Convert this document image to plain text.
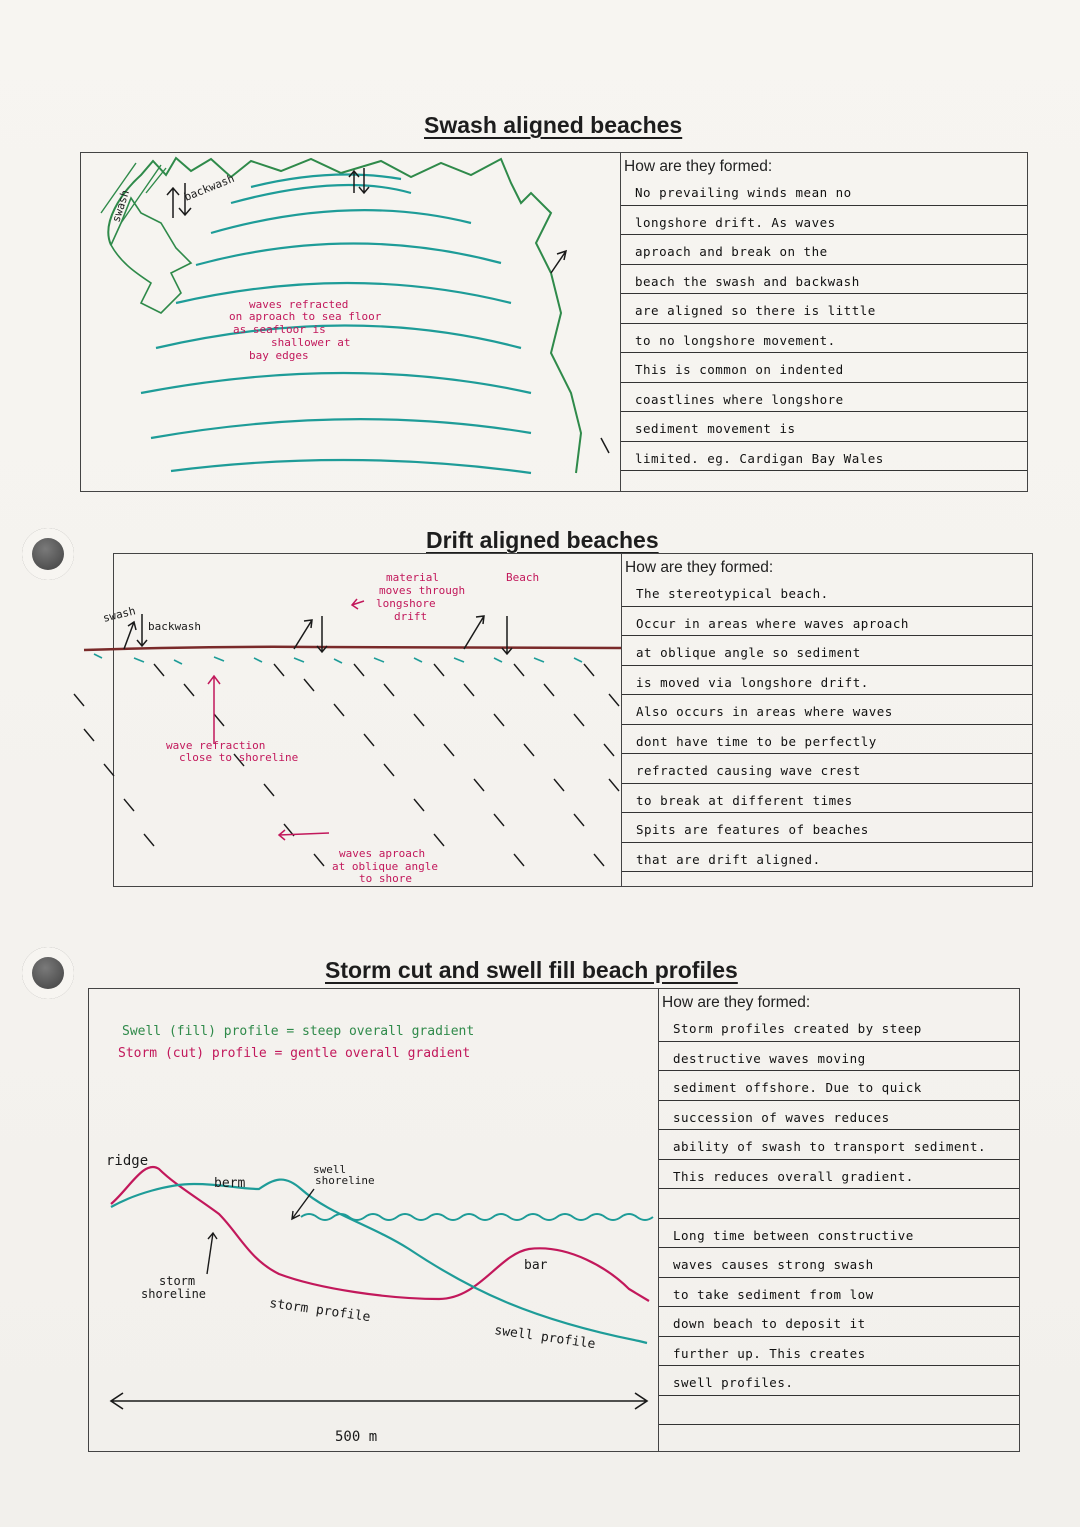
Swash aligned beaches
swash
backwash
waves refracted
on aproach to sea floor
as seafloor is
shallower at
bay edges
How are they formed:
No prevailing winds mean no
longshore drift. As waves
aproach and break on the
beach the swash and backwash
are aligned so there is little
to no longshore movement.
This is common on indented
coastlines where longshore
sediment movement is
limited. eg. Cardigan Bay Wales
Drift aligned beaches
swash
backwash
material	Beach
moves through
longshore
drift
wave refraction
close to shoreline
waves aproach
at oblique angle
to shore
How are they formed:
The stereotypical beach.
Occur in areas where waves aproach
at oblique angle so sediment
is moved via longshore drift.
Also occurs in areas where waves
dont have time to be perfectly
refracted causing wave crest
to break at different times
Spits are features of beaches
that are drift aligned.
Storm cut and swell fill beach profiles
Swell (fill) profile = steep overall gradient
Storm (cut) profile = gentle overall gradient
ridge
berm
swell
shoreline
storm
shoreline
storm profile
bar
swell profile
500 m
How are they formed:
Storm profiles created by steep
destructive waves moving
sediment offshore. Due to quick
succession of waves reduces
ability of swash to transport sediment.
This reduces overall gradient.
Long time between constructive
waves causes strong swash
to take sediment from low
down beach to deposit it
further up. This creates
swell profiles.
